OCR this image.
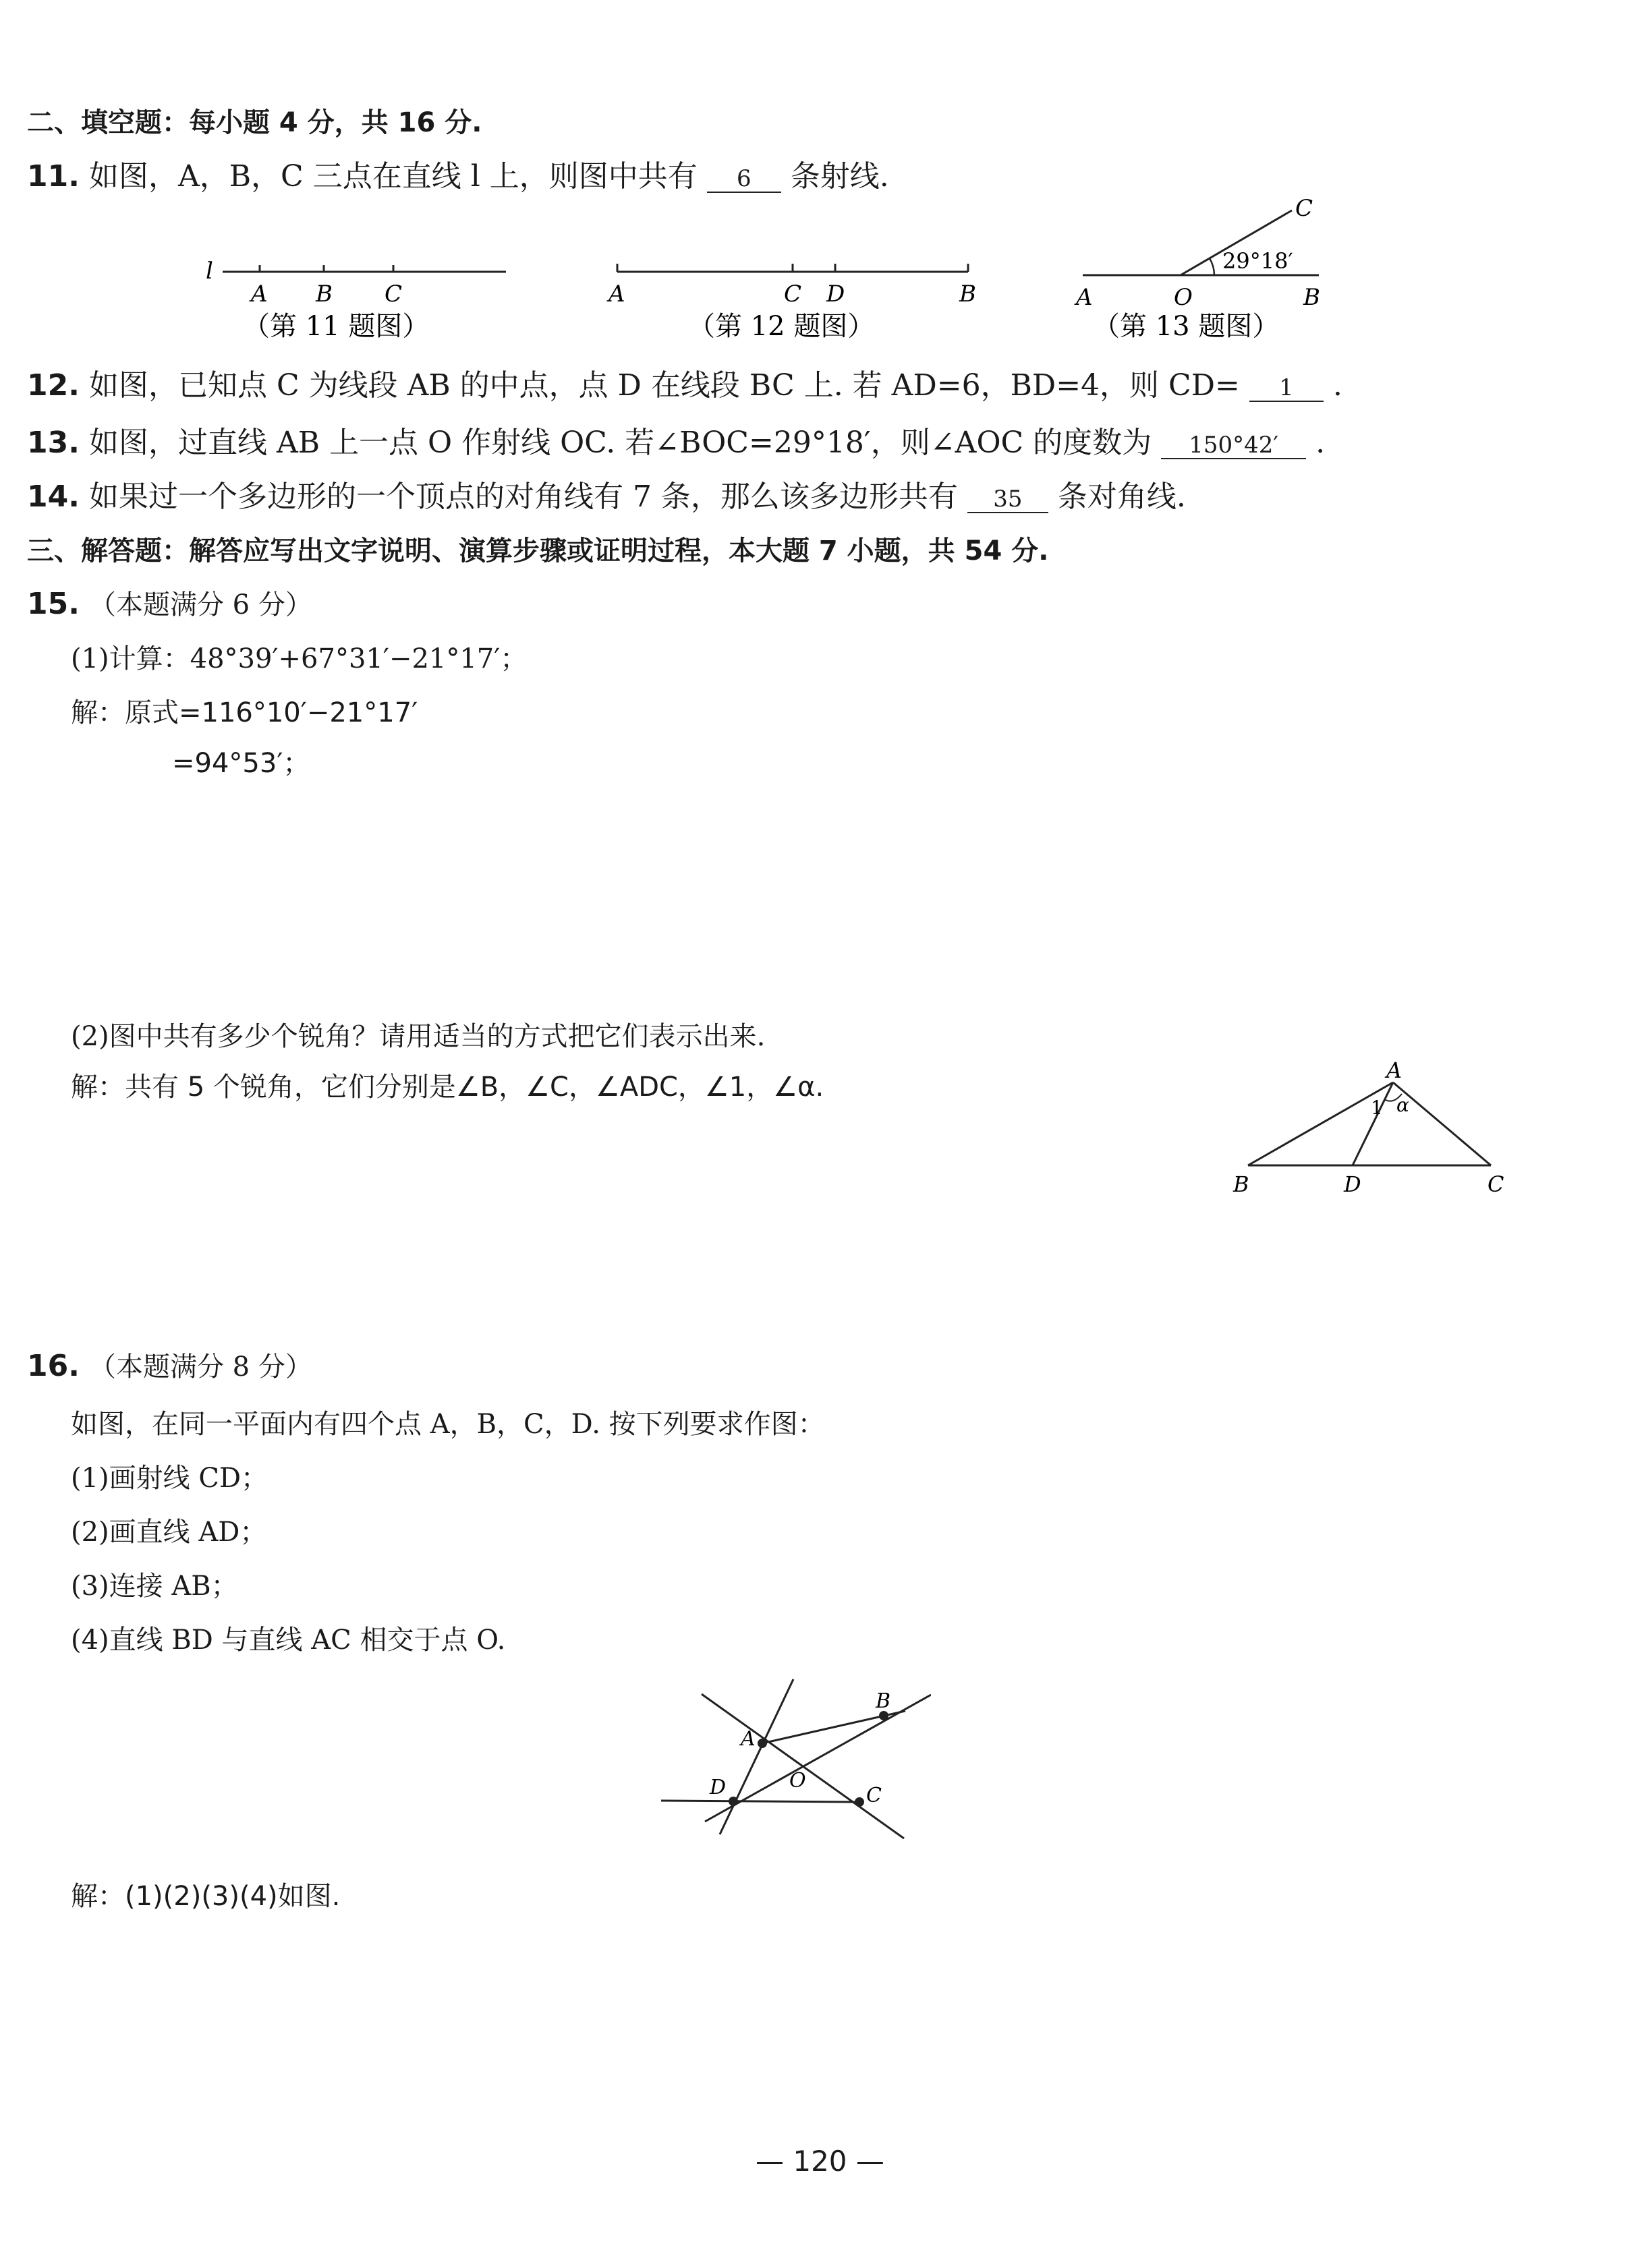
二、填空题：每小题 4 分，共 16 分.
11. 如图，A，B，C 三点在直线 l 上，则图中共有 6 条射线.
l
A B C
（第 11 题图）
A	C D	B
（第 12 题图）
C
29°18′
A	O	B
（第 13 题图）
12. 如图，已知点 C 为线段 AB 的中点，点 D 在线段 BC 上. 若 AD=6，BD=4，则 CD= 1 .
13. 如图，过直线 AB 上一点 O 作射线 OC. 若∠BOC=29°18′，则∠AOC 的度数为 150°42′ .
14. 如果过一个多边形的一个顶点的对角线有 7 条，那么该多边形共有 35 条对角线.
三、解答题：解答应写出文字说明、演算步骤或证明过程，本大题 7 小题，共 54 分.
15. （本题满分 6 分）
(1)计算：48°39′+67°31′−21°17′；
解：原式=116°10′−21°17′
=94°53′；
(2)图中共有多少个锐角？请用适当的方式把它们表示出来.
解：共有 5 个锐角，它们分别是∠B，∠C，∠ADC，∠1，∠α.
A
1 α
B	D	C
16. （本题满分 8 分）
如图，在同一平面内有四个点 A，B，C，D. 按下列要求作图：
(1)画射线 CD；
(2)画直线 AD；
(3)连接 AB；
(4)直线 BD 与直线 AC 相交于点 O.
A
B
C
D	O
解：(1)(2)(3)(4)如图.
— 120 —
